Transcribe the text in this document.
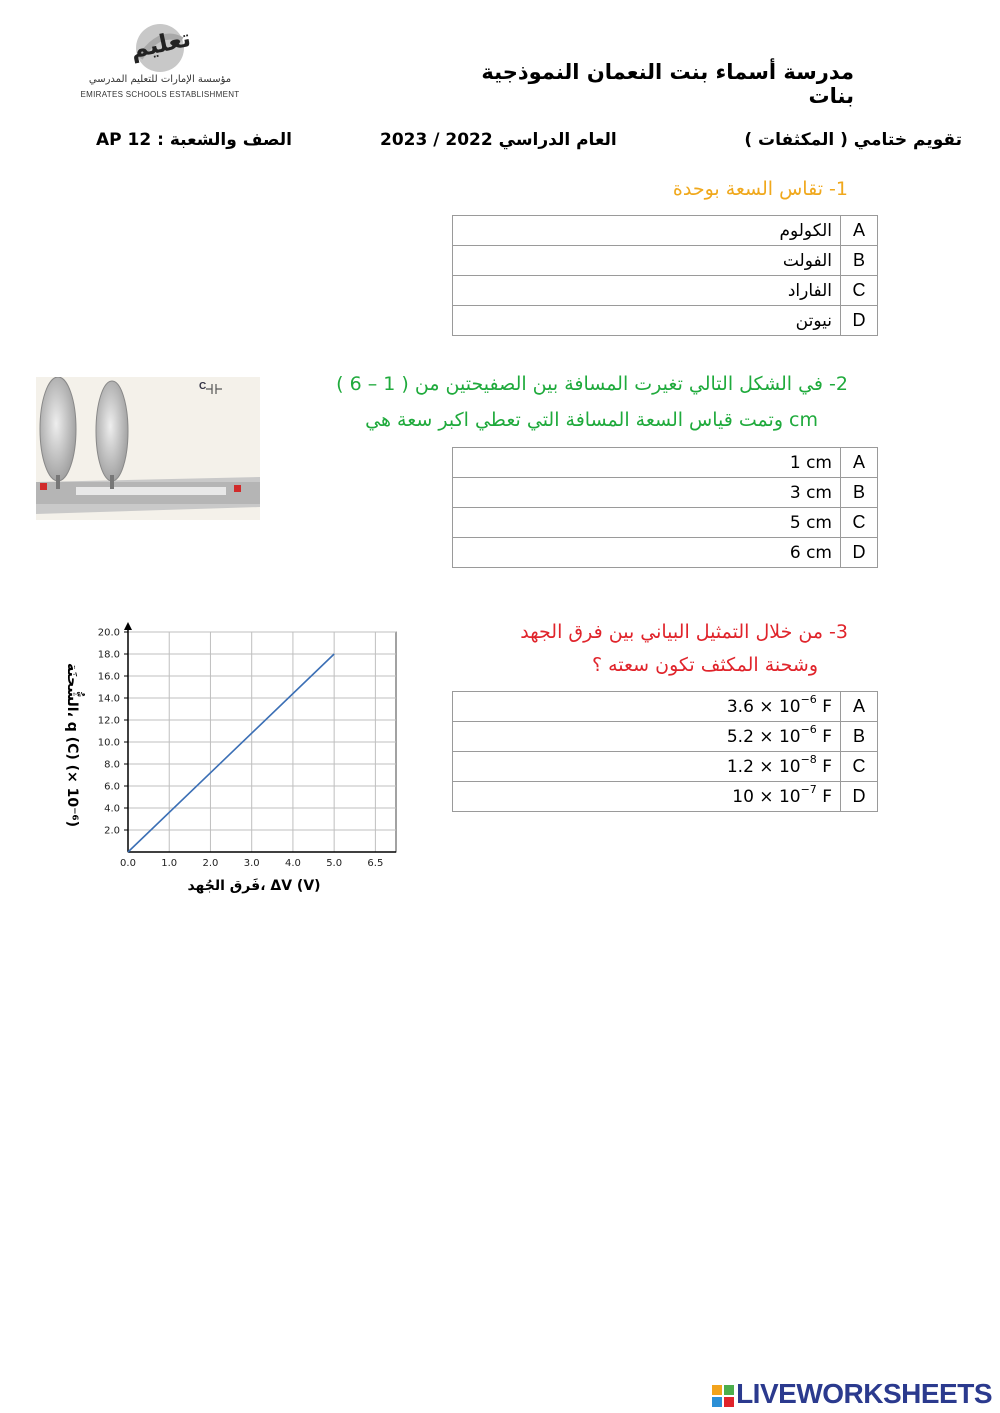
تعليم
مؤسسة الإمارات للتعليم المدرسي
EMIRATES SCHOOLS ESTABLISHMENT
مدرسة أسماء بنت النعمان النموذجية بنات
تقويم ختامي ( المكثفات )
العام الدراسي 2022 / 2023
الصف والشعبة : 12 AP
1- تقاس السعة بوحدة
الكولوم	A
الفولت	B
الفاراد	C
نيوتن	D
C	2- في الشكل التالي تغيرت المسافة بين الصفيحتين من ( 1 – 6 )
cm وتمت قياس السعة المسافة التي تعطي اكبر سعة هي
1 cm	A
3 cm	B
5 cm	C
6 cm	D
0.0	1.0	2.0	3.0	4.0	5.0	6.5
2.0
4.0
6.0
8.0
10.0
12.0
14.0
16.0
18.0
20.0
الشُّحنَة، q (C) (× 10⁻⁶)
فَرق الجُهد، ΔV (V)
3- من خلال التمثيل البياني بين فرق الجهد
وشحنة المكثف تكون سعته ؟
$3.6 \times 10^{-6}$ F	A
$5.2 \times 10^{-6}$ F	B
$1.2 \times 10^{-8}$ F	C
$10 \times 10^{-7}$ F	D
LIVEWORKSHEETS
